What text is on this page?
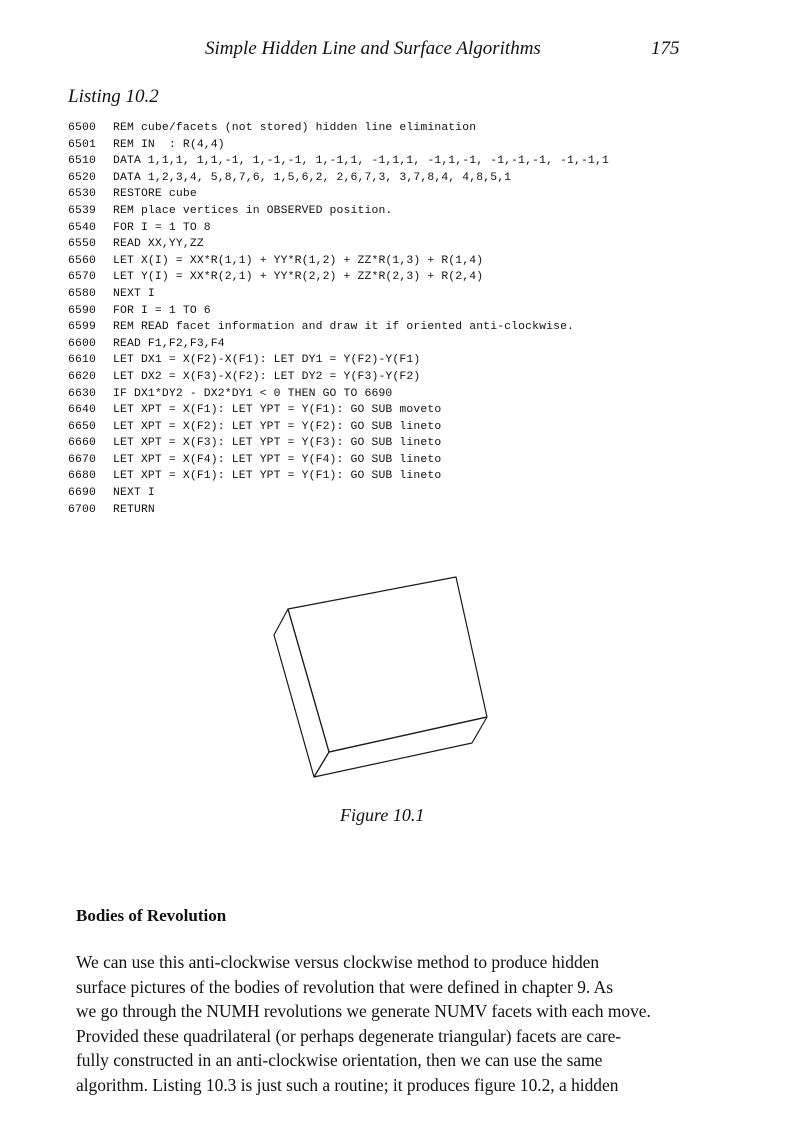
Simple Hidden Line and Surface Algorithms	175
Listing 10.2
6500 REM cube/facets (not stored) hidden line elimination
6501 REM IN  : R(4,4)
6510 DATA 1,1,1, 1,1,-1, 1,-1,-1, 1,-1,1, -1,1,1, -1,1,-1, -1,-1,-1, -1,-1,1
6520 DATA 1,2,3,4, 5,8,7,6, 1,5,6,2, 2,6,7,3, 3,7,8,4, 4,8,5,1
6530 RESTORE cube
6539 REM place vertices in OBSERVED position.
6540 FOR I = 1 TO 8
6550 READ XX,YY,ZZ
6560 LET X(I) = XX*R(1,1) + YY*R(1,2) + ZZ*R(1,3) + R(1,4)
6570 LET Y(I) = XX*R(2,1) + YY*R(2,2) + ZZ*R(2,3) + R(2,4)
6580 NEXT I
6590 FOR I = 1 TO 6
6599 REM READ facet information and draw it if oriented anti-clockwise.
6600 READ F1,F2,F3,F4
6610 LET DX1 = X(F2)-X(F1): LET DY1 = Y(F2)-Y(F1)
6620 LET DX2 = X(F3)-X(F2): LET DY2 = Y(F3)-Y(F2)
6630 IF DX1*DY2 - DX2*DY1 < 0 THEN GO TO 6690
6640 LET XPT = X(F1): LET YPT = Y(F1): GO SUB moveto
6650 LET XPT = X(F2): LET YPT = Y(F2): GO SUB lineto
6660 LET XPT = X(F3): LET YPT = Y(F3): GO SUB lineto
6670 LET XPT = X(F4): LET YPT = Y(F4): GO SUB lineto
6680 LET XPT = X(F1): LET YPT = Y(F1): GO SUB lineto
6690 NEXT I
6700 RETURN
Figure 10.1
Bodies of Revolution
We can use this anti-clockwise versus clockwise method to produce hidden
surface pictures of the bodies of revolution that were defined in chapter 9. As
we go through the NUMH revolutions we generate NUMV facets with each move.
Provided these quadrilateral (or perhaps degenerate triangular) facets are care-
fully constructed in an anti-clockwise orientation, then we can use the same
algorithm. Listing 10.3 is just such a routine; it produces figure 10.2, a hidden
